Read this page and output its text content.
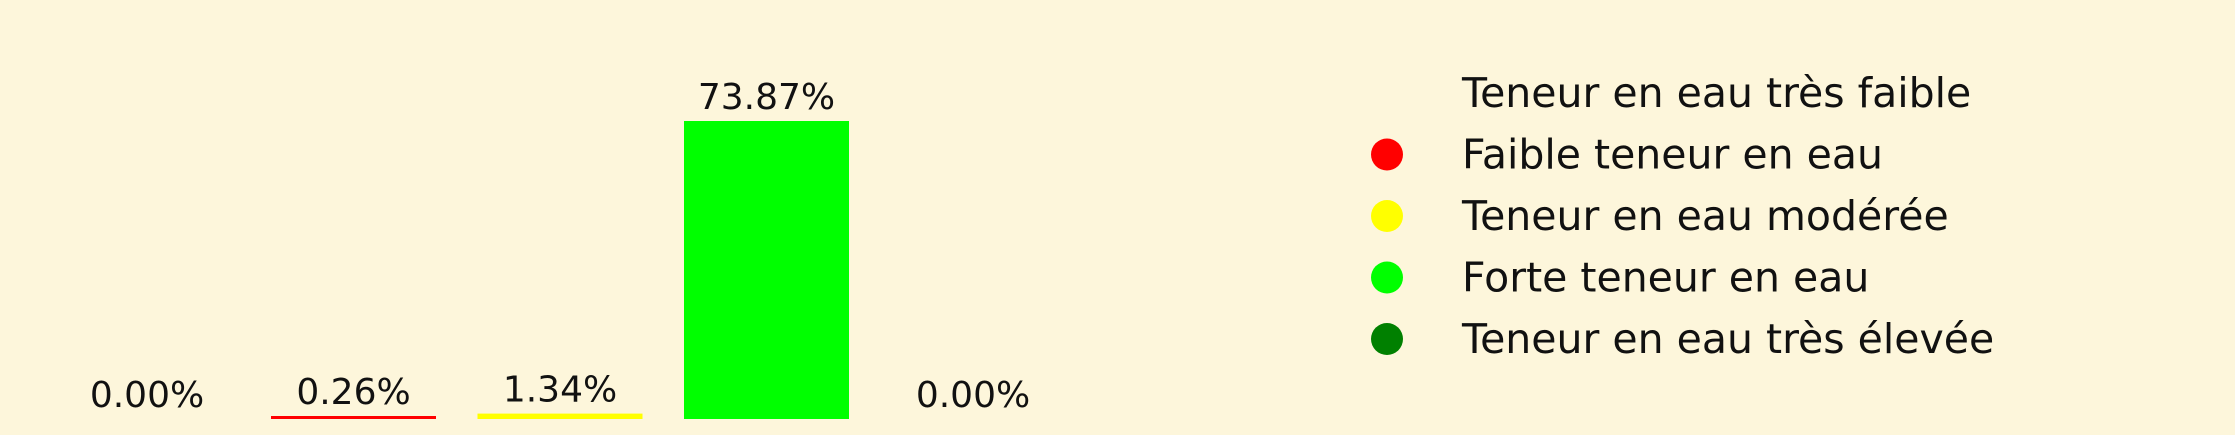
0.00%	0.26%	1.34%
73.87%
0.00%
Teneur en eau très faible
Faible teneur en eau
Teneur en eau modérée
Forte teneur en eau
Teneur en eau très élevée
